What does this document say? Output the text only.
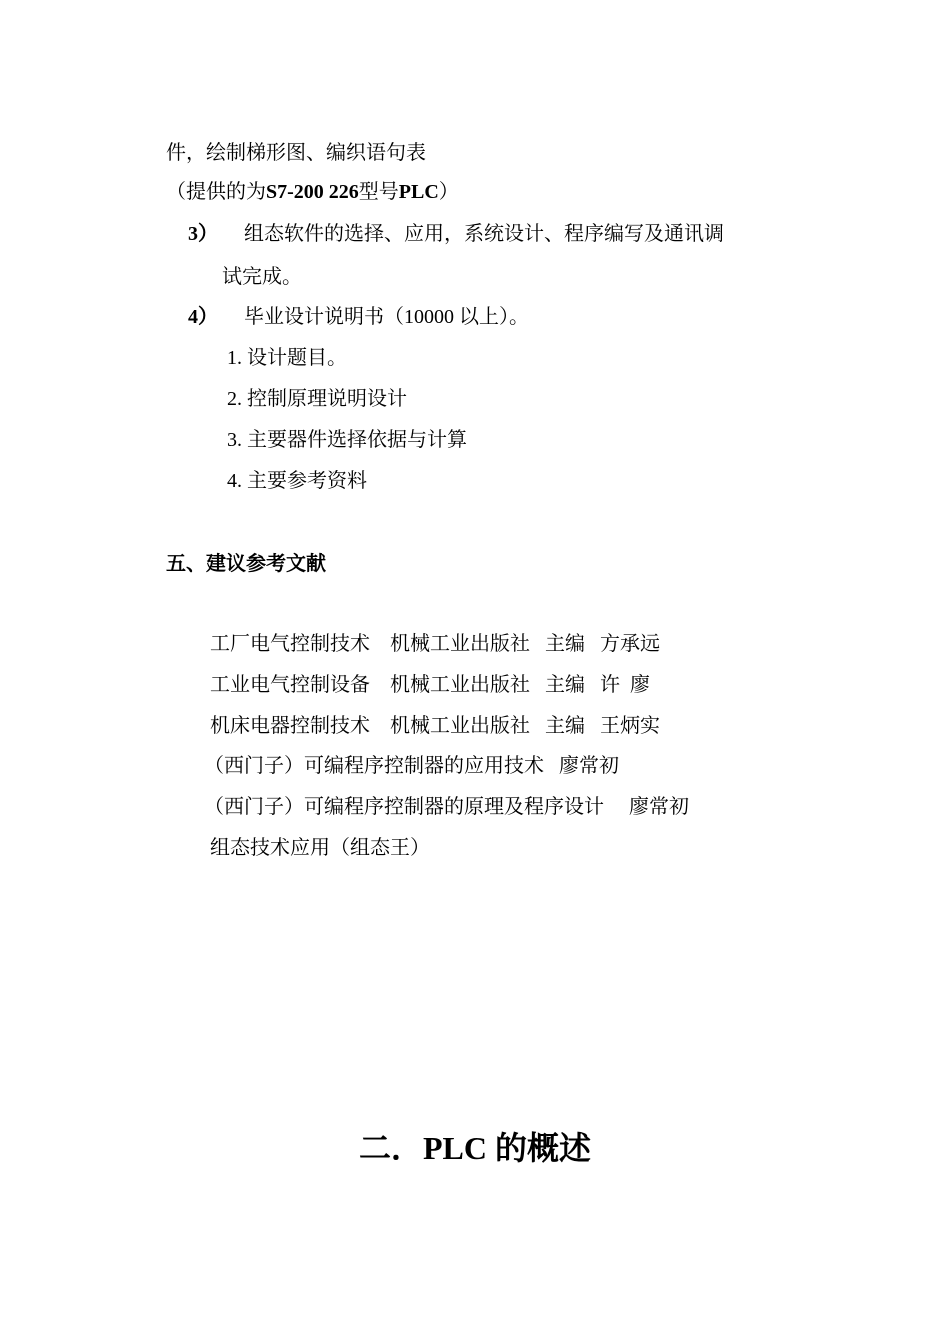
件，绘制梯形图、编织语句表
（提供的为S7-200 226型号PLC）
3） 组态软件的选择、应用，系统设计、程序编写及通讯调
试完成。
4） 毕业设计说明书（10000 以上）。
1. 设计题目。
2. 控制原理说明设计
3. 主要器件选择依据与计算
4. 主要参考资料
五、建议参考文献
工厂电气控制技术    机械工业出版社   主编   方承远
工业电气控制设备    机械工业出版社   主编   许  廖
机床电器控制技术    机械工业出版社   主编   王炳实
（西门子）可编程序控制器的应用技术   廖常初
（西门子）可编程序控制器的原理及程序设计     廖常初
组态技术应用（组态王）
二．PLC 的概述
